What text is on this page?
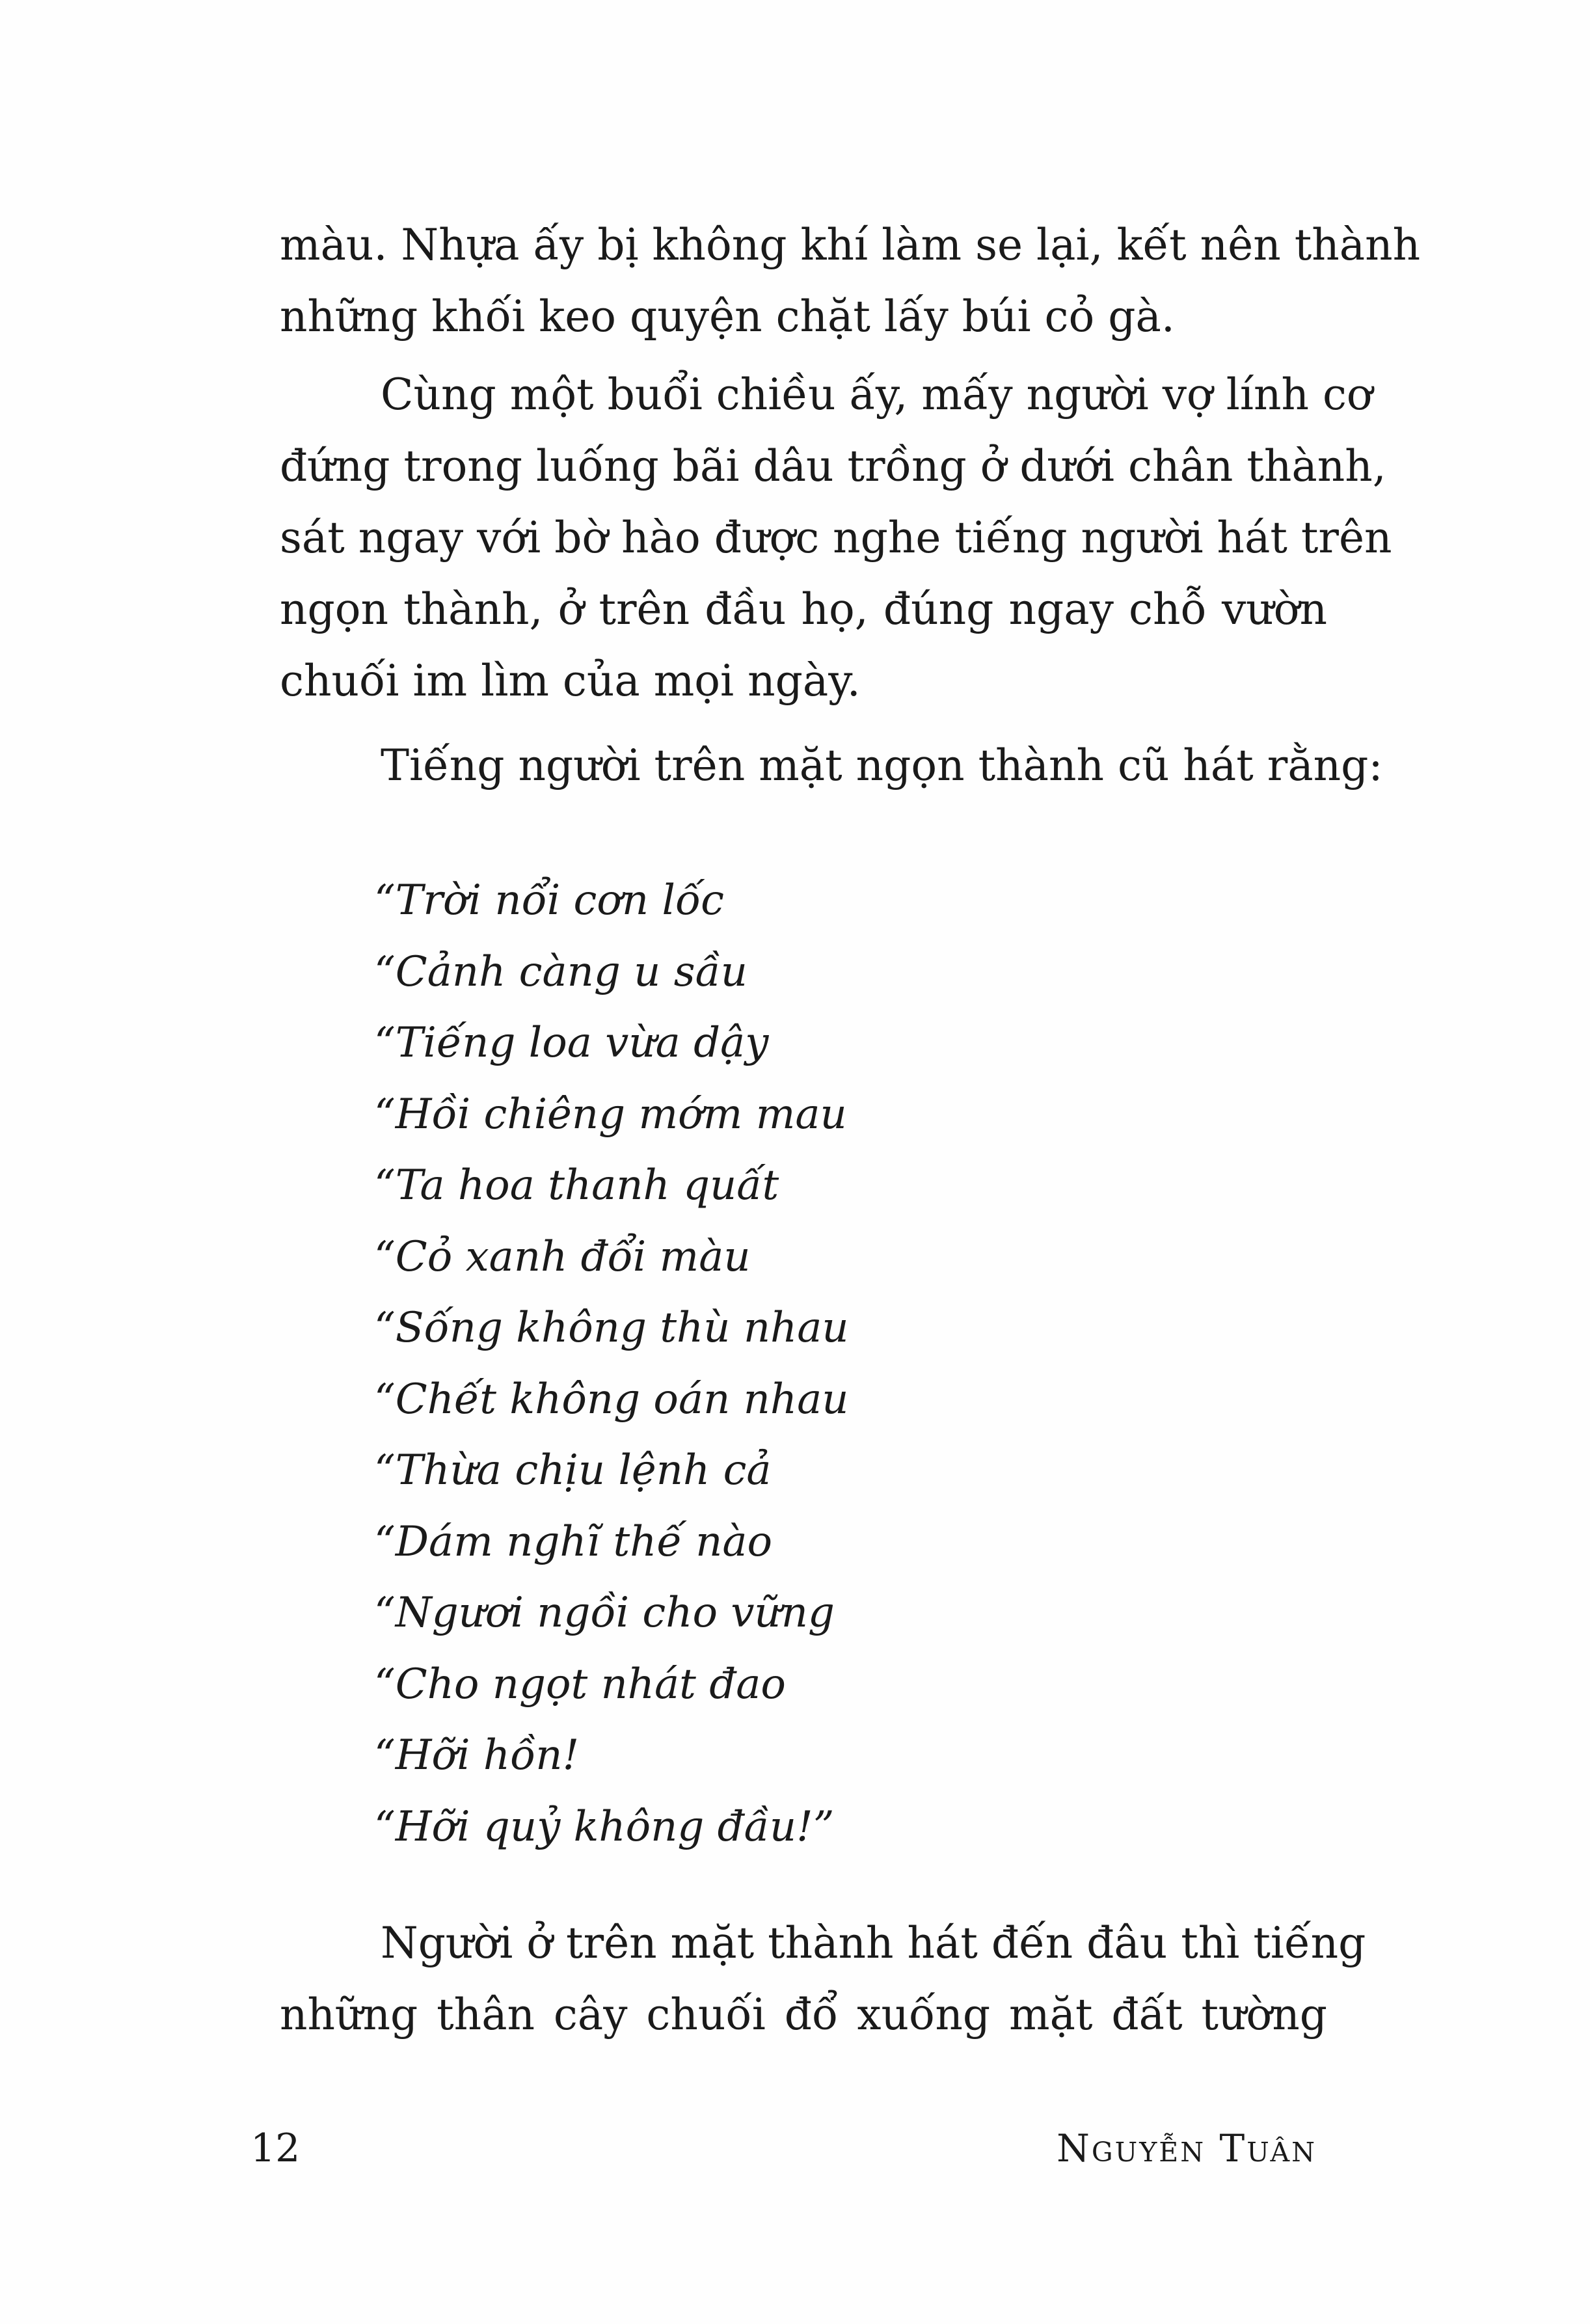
màu. Nhựa ấy bị không khí làm se lại, kết nên thành
những khối keo quyện chặt lấy búi cỏ gà.
Cùng một buổi chiều ấy, mấy người vợ lính cơ
đứng trong luống bãi dâu trồng ở dưới chân thành,
sát ngay với bờ hào được nghe tiếng người hát trên
ngọn thành, ở trên đầu họ, đúng ngay chỗ vườn
chuối im lìm của mọi ngày.
Tiếng người trên mặt ngọn thành cũ hát rằng:
“Trời nổi cơn lốc
“Cảnh càng u sầu
“Tiếng loa vừa dậy
“Hồi chiêng mớm mau
“Ta hoa thanh quất
“Cỏ xanh đổi màu
“Sống không thù nhau
“Chết không oán nhau
“Thừa chịu lệnh cả
“Dám nghĩ thế nào
“Ngươi ngồi cho vững
“Cho ngọt nhát đao
“Hỡi hồn!
“Hỡi quỷ không đầu!”
Người ở trên mặt thành hát đến đâu thì tiếng
những thân cây chuối đổ xuống mặt đất tường
12	Nguyễn Tuân
